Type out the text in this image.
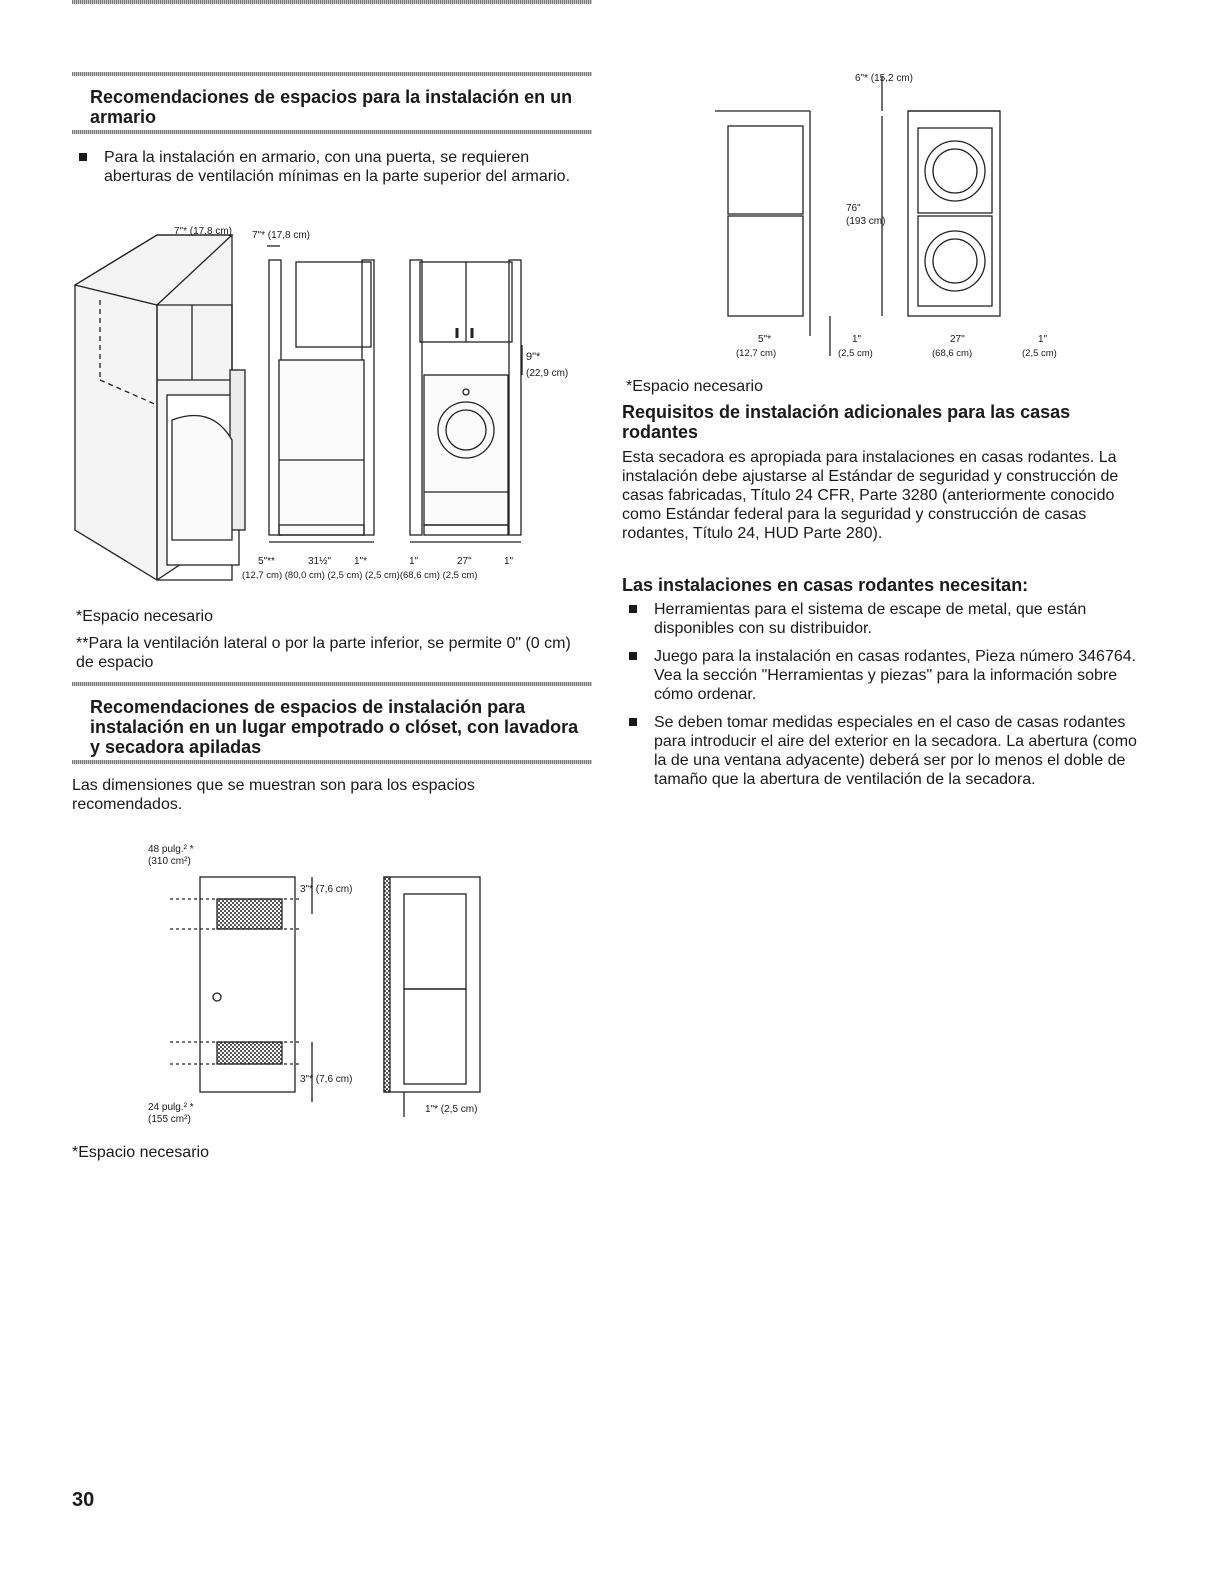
Recomendaciones de espacios para la instalación en un armario
Para la instalación en armario, con una puerta, se requieren aberturas de ventilación mínimas en la parte superior del armario.
7"* (17,8 cm) 7"* (17,8 cm)
9"*
(22,9 cm)
5"**	31½" 1"*	1"	27"	1"
(12,7 cm) (80,0 cm) (2,5 cm) (2,5 cm)(68,6 cm) (2,5 cm)

*Espacio necesario

**Para la ventilación lateral o por la parte inferior, se permite 0" (0 cm) de espacio

Recomendaciones de espacios de instalación para instalación en un lugar empotrado o clóset, con lavadora y secadora apiladas

Las dimensiones que se muestran son para los espacios recomendados.

48 pulg.² *
(310 cm²)
3"* (7,6 cm)
3"* (7,6 cm)
24 pulg.² *
(155 cm²)
1"* (2,5 cm)

*Espacio necesario

6"* (15,2 cm)
76"
(193 cm)
5"*	1"	27"	1"
(12,7 cm)	(2,5 cm)	(68,6 cm)	(2,5 cm)

*Espacio necesario

Requisitos de instalación adicionales para las casas rodantes

Esta secadora es apropiada para instalaciones en casas rodantes. La instalación debe ajustarse al Estándar de seguridad y construcción de casas fabricadas, Título 24 CFR, Parte 3280 (anteriormente conocido como Estándar federal para la seguridad y construcción de casas rodantes, Título 24, HUD Parte 280).

Las instalaciones en casas rodantes necesitan:
Herramientas para el sistema de escape de metal, que están disponibles con su distribuidor.
Juego para la instalación en casas rodantes, Pieza número 346764. Vea la sección "Herramientas y piezas" para la información sobre cómo ordenar.
Se deben tomar medidas especiales en el caso de casas rodantes para introducir el aire del exterior en la secadora. La abertura (como la de una ventana adyacente) deberá ser por lo menos el doble de tamaño que la abertura de ventilación de la secadora.
30
